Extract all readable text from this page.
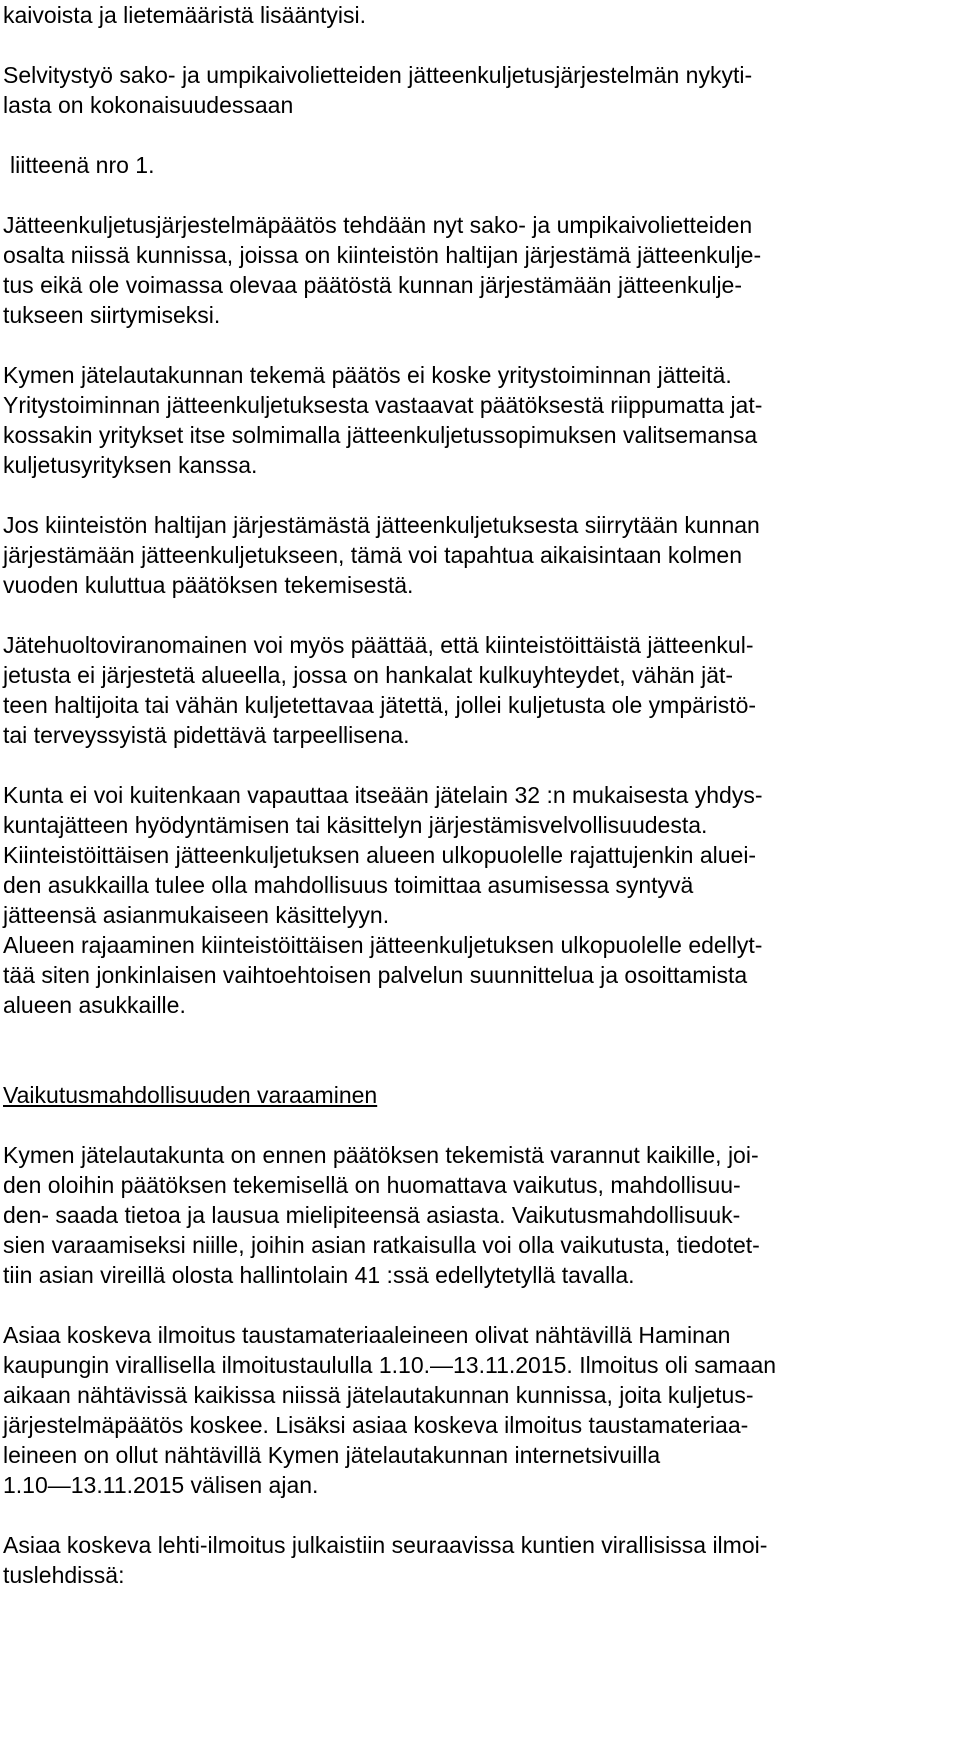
kaivoista ja lietemääristä lisääntyisi.
Selvitystyö sako- ja umpikaivolietteiden jätteenkuljetusjärjestelmän nykyti-
lasta on kokonaisuudessaan
liitteenä nro 1.
Jätteenkuljetusjärjestelmäpäätös tehdään nyt sako- ja umpikaivolietteiden
osalta niissä kunnissa, joissa on kiinteistön haltijan järjestämä jätteenkulje-
tus eikä ole voimassa olevaa päätöstä kunnan järjestämään jätteenkulje-
tukseen siirtymiseksi.
Kymen jätelautakunnan tekemä päätös ei koske yritystoiminnan jätteitä.
Yritystoiminnan jätteenkuljetuksesta vastaavat päätöksestä riippumatta jat-
kossakin yritykset itse solmimalla jätteenkuljetussopimuksen valitsemansa
kuljetusyrityksen kanssa.
Jos kiinteistön haltijan järjestämästä jätteenkuljetuksesta siirrytään kunnan
järjestämään jätteenkuljetukseen, tämä voi tapahtua aikaisintaan kolmen
vuoden kuluttua päätöksen tekemisestä.
Jätehuoltoviranomainen voi myös päättää, että kiinteistöittäistä jätteenkul-
jetusta ei järjestetä alueella, jossa on hankalat kulkuyhteydet, vähän jät-
teen haltijoita tai vähän kuljetettavaa jätettä, jollei kuljetusta ole ympäristö-
tai terveyssyistä pidettävä tarpeellisena.
Kunta ei voi kuitenkaan vapauttaa itseään jätelain 32 :n mukaisesta yhdys-
kuntajätteen hyödyntämisen tai käsittelyn järjestämisvelvollisuudesta.
Kiinteistöittäisen jätteenkuljetuksen alueen ulkopuolelle rajattujenkin aluei-
den asukkailla tulee olla mahdollisuus toimittaa asumisessa syntyvä
jätteensä asianmukaiseen käsittelyyn.
Alueen rajaaminen kiinteistöittäisen jätteenkuljetuksen ulkopuolelle edellyt-
tää siten jonkinlaisen vaihtoehtoisen palvelun suunnittelua ja osoittamista
alueen asukkaille.
Vaikutusmahdollisuuden varaaminen
Kymen jätelautakunta on ennen päätöksen tekemistä varannut kaikille, joi-
den oloihin päätöksen tekemisellä on huomattava vaikutus, mahdollisuu-
den- saada tietoa ja lausua mielipiteensä asiasta. Vaikutusmahdollisuuk-
sien varaamiseksi niille, joihin asian ratkaisulla voi olla vaikutusta, tiedotet-
tiin asian vireillä olosta hallintolain 41 :ssä edellytetyllä tavalla.
Asiaa koskeva ilmoitus taustamateriaaleineen olivat nähtävillä Haminan
kaupungin virallisella ilmoitustaululla 1.10.—13.11.2015. Ilmoitus oli samaan
aikaan nähtävissä kaikissa niissä jätelautakunnan kunnissa, joita kuljetus-
järjestelmäpäätös koskee. Lisäksi asiaa koskeva ilmoitus taustamateriaa-
leineen on ollut nähtävillä Kymen jätelautakunnan internetsivuilla
1.10—13.11.2015 välisen ajan.
Asiaa koskeva lehti-ilmoitus julkaistiin seuraavissa kuntien virallisissa ilmoi-
tuslehdissä:
